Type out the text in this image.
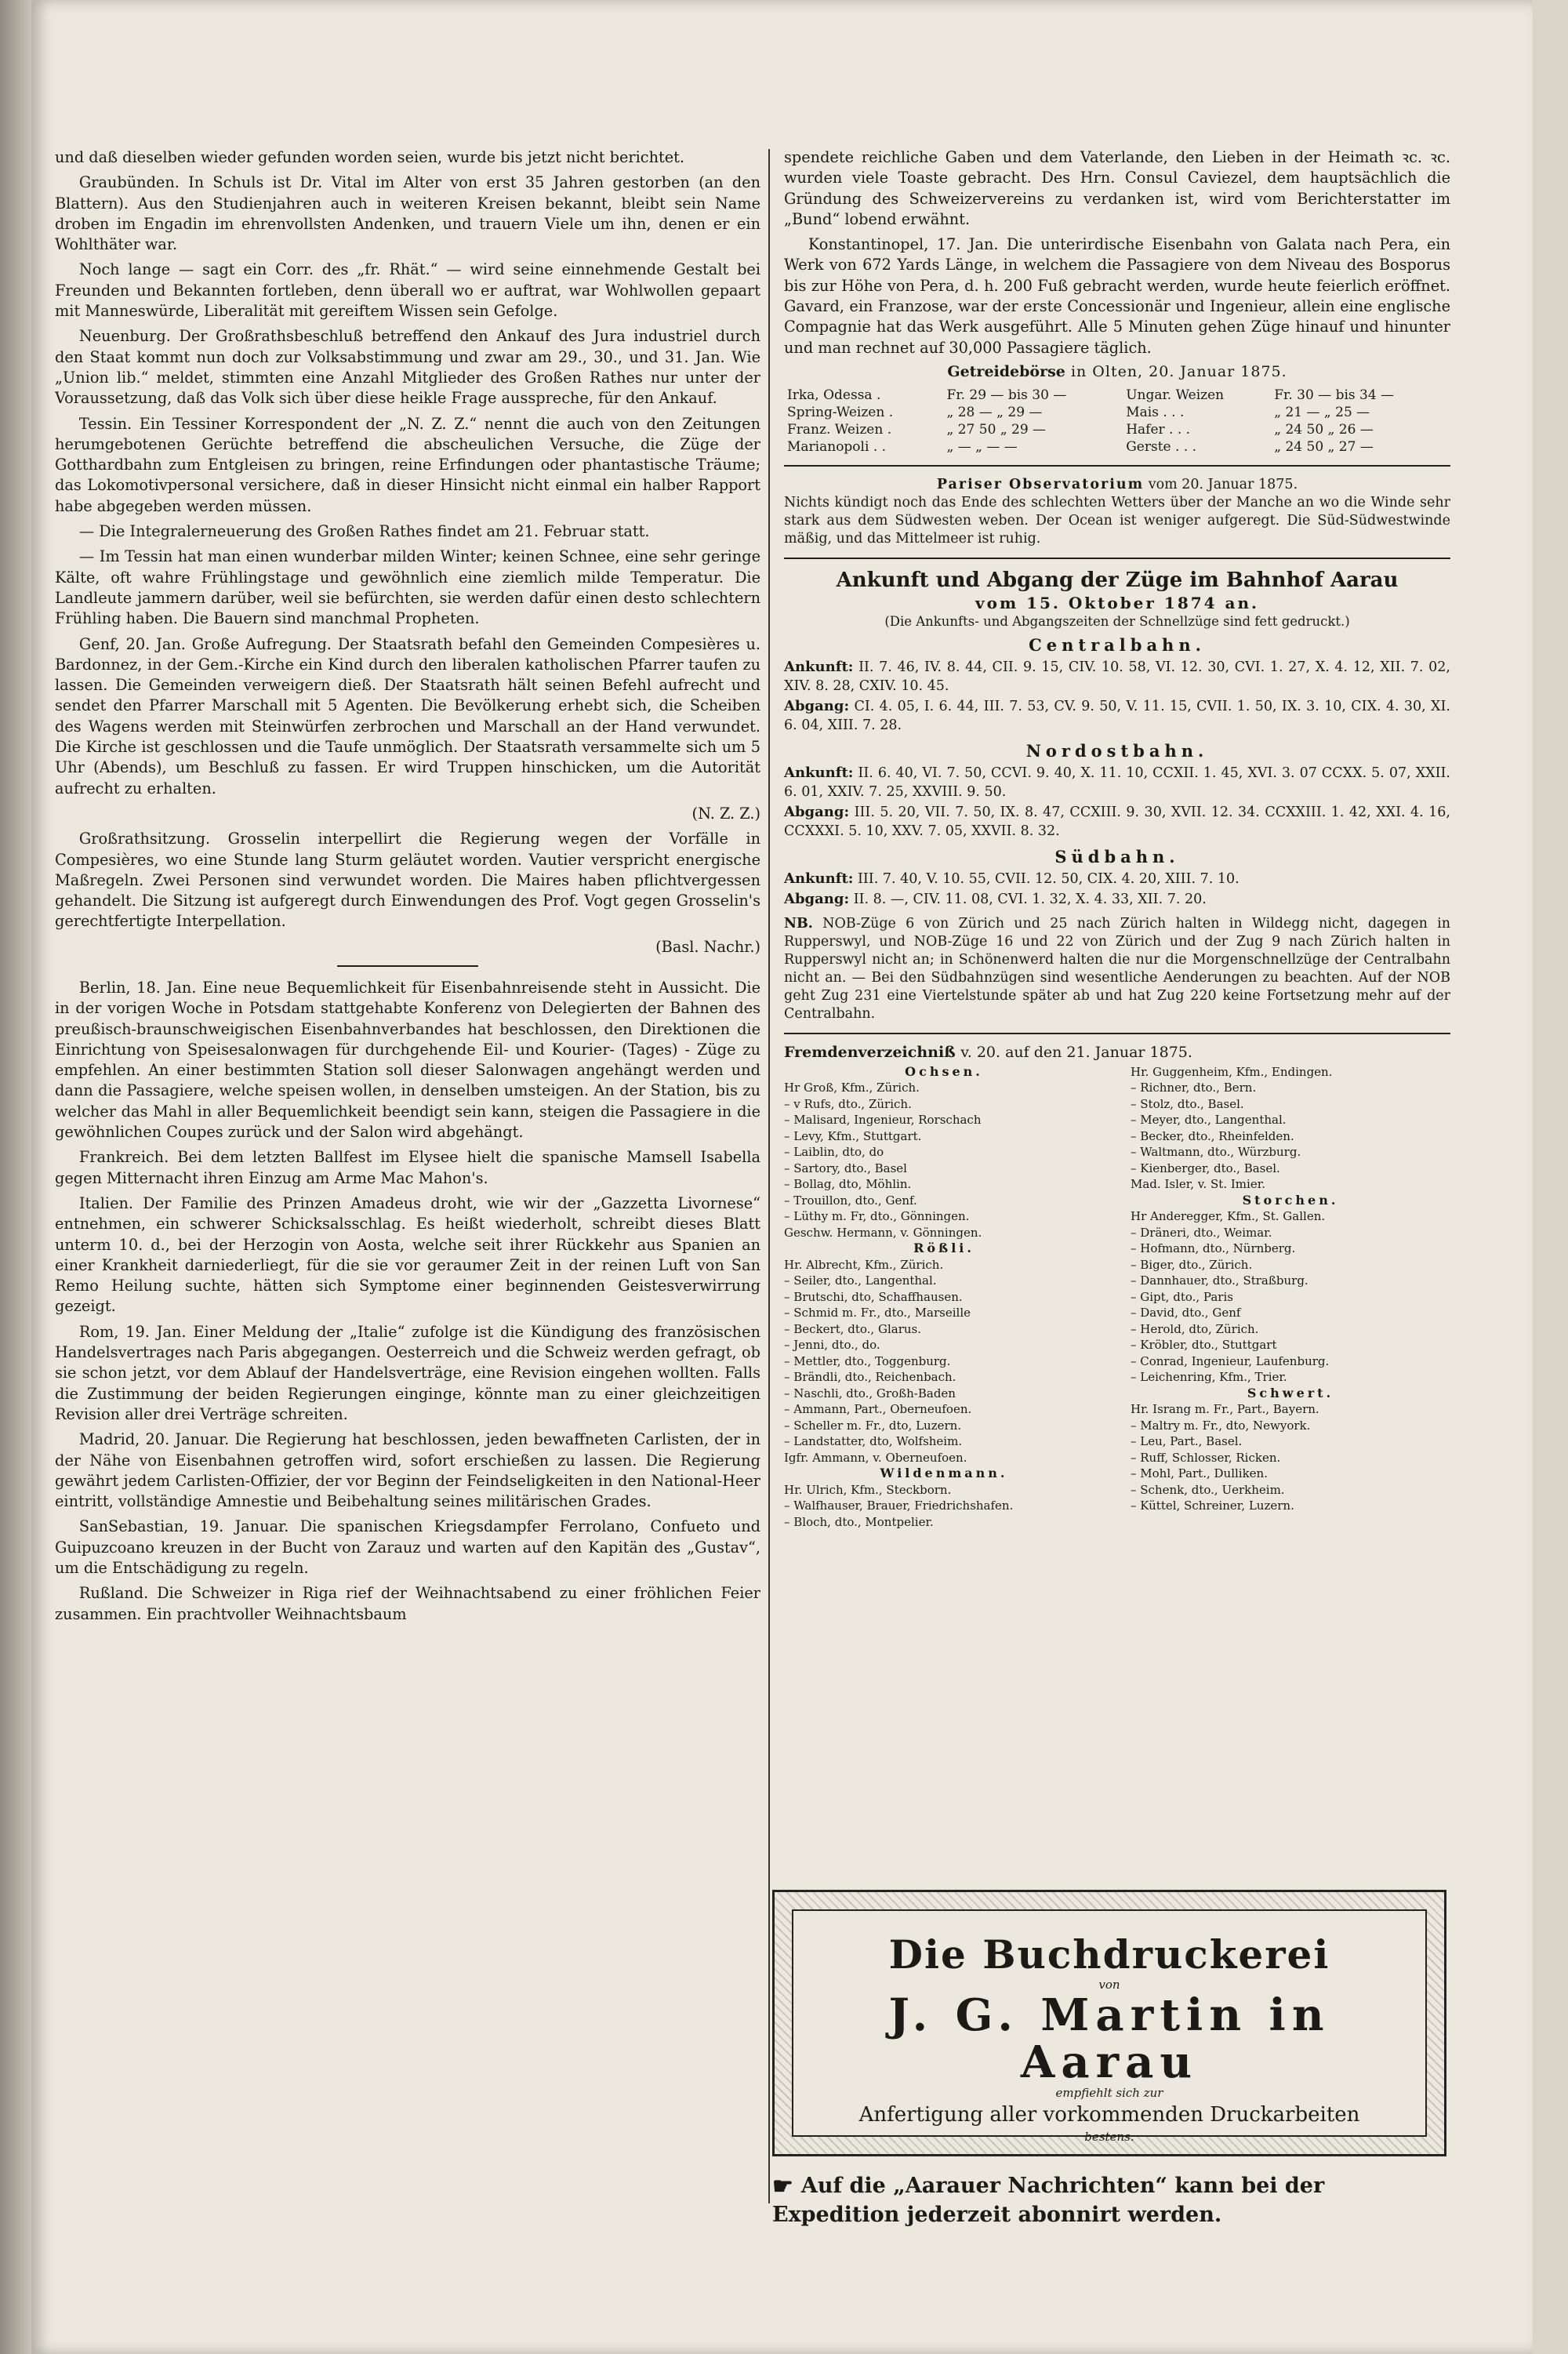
und daß dieselben wieder gefunden worden seien, wurde bis jetzt nicht berichtet.

Graubünden. In Schuls ist Dr. Vital im Alter von erst 35 Jahren gestorben (an den Blattern). Aus den Studienjahren auch in weiteren Kreisen bekannt, bleibt sein Name droben im Engadin im ehrenvollsten Andenken, und trauern Viele um ihn, denen er ein Wohlthäter war.

Noch lange — sagt ein Corr. des „fr. Rhät.“ — wird seine einnehmende Gestalt bei Freunden und Bekannten fortleben, denn überall wo er auftrat, war Wohlwollen gepaart mit Manneswürde, Liberalität mit gereiftem Wissen sein Gefolge.

Neuenburg. Der Großrathsbeschluß betreffend den Ankauf des Jura industriel durch den Staat kommt nun doch zur Volksabstimmung und zwar am 29., 30., und 31. Jan. Wie „Union lib.“ meldet, stimmten eine Anzahl Mitglieder des Großen Rathes nur unter der Voraussetzung, daß das Volk sich über diese heikle Frage ausspreche, für den Ankauf.

Tessin. Ein Tessiner Korrespondent der „N. Z. Z.“ nennt die auch von den Zeitungen herumgebotenen Gerüchte betreffend die abscheulichen Versuche, die Züge der Gotthardbahn zum Entgleisen zu bringen, reine Erfindungen oder phantastische Träume; das Lokomotivpersonal versichere, daß in dieser Hinsicht nicht einmal ein halber Rapport habe abgegeben werden müssen.

— Die Integralerneuerung des Großen Rathes findet am 21. Februar statt.

— Im Tessin hat man einen wunderbar milden Winter; keinen Schnee, eine sehr geringe Kälte, oft wahre Frühlingstage und gewöhnlich eine ziemlich milde Temperatur. Die Landleute jammern darüber, weil sie befürchten, sie werden dafür einen desto schlechtern Frühling haben. Die Bauern sind manchmal Propheten.

Genf, 20. Jan. Große Aufregung. Der Staatsrath befahl den Gemeinden Compesières u. Bardonnez, in der Gem.-Kirche ein Kind durch den liberalen katholischen Pfarrer taufen zu lassen. Die Gemeinden verweigern dieß. Der Staatsrath hält seinen Befehl aufrecht und sendet den Pfarrer Marschall mit 5 Agenten. Die Bevölkerung erhebt sich, die Scheiben des Wagens werden mit Steinwürfen zerbrochen und Marschall an der Hand verwundet. Die Kirche ist geschlossen und die Taufe unmöglich. Der Staatsrath versammelte sich um 5 Uhr (Abends), um Beschluß zu fassen. Er wird Truppen hinschicken, um die Autorität aufrecht zu erhalten.

(N. Z. Z.)

Großrathsitzung. Grosselin interpellirt die Regierung wegen der Vorfälle in Compesières, wo eine Stunde lang Sturm geläutet worden. Vautier verspricht energische Maßregeln. Zwei Personen sind verwundet worden. Die Maires haben pflichtvergessen gehandelt. Die Sitzung ist aufgeregt durch Einwendungen des Prof. Vogt gegen Grosselin's gerechtfertigte Interpellation.

(Basl. Nachr.)

Berlin, 18. Jan. Eine neue Bequemlichkeit für Eisenbahnreisende steht in Aussicht. Die in der vorigen Woche in Potsdam stattgehabte Konferenz von Delegierten der Bahnen des preußisch-braunschweigischen Eisenbahnverbandes hat beschlossen, den Direktionen die Einrichtung von Speisesalonwagen für durchgehende Eil- und Kourier- (Tages) - Züge zu empfehlen. An einer bestimmten Station soll dieser Salonwagen angehängt werden und dann die Passagiere, welche speisen wollen, in denselben umsteigen. An der Station, bis zu welcher das Mahl in aller Bequemlichkeit beendigt sein kann, steigen die Passagiere in die gewöhnlichen Coupes zurück und der Salon wird abgehängt.

Frankreich. Bei dem letzten Ballfest im Elysee hielt die spanische Mamsell Isabella gegen Mitternacht ihren Einzug am Arme Mac Mahon's.

Italien. Der Familie des Prinzen Amadeus droht, wie wir der „Gazzetta Livornese“ entnehmen, ein schwerer Schicksalsschlag. Es heißt wiederholt, schreibt dieses Blatt unterm 10. d., bei der Herzogin von Aosta, welche seit ihrer Rückkehr aus Spanien an einer Krankheit darniederliegt, für die sie vor geraumer Zeit in der reinen Luft von San Remo Heilung suchte, hätten sich Symptome einer beginnenden Geistesverwirrung gezeigt.

Rom, 19. Jan. Einer Meldung der „Italie“ zufolge ist die Kündigung des französischen Handelsvertrages nach Paris abgegangen. Oesterreich und die Schweiz werden gefragt, ob sie schon jetzt, vor dem Ablauf der Handelsverträge, eine Revision eingehen wollten. Falls die Zustimmung der beiden Regierungen einginge, könnte man zu einer gleichzeitigen Revision aller drei Verträge schreiten.

Madrid, 20. Januar. Die Regierung hat beschlossen, jeden bewaffneten Carlisten, der in der Nähe von Eisenbahnen getroffen wird, sofort erschießen zu lassen. Die Regierung gewährt jedem Carlisten-Offizier, der vor Beginn der Feindseligkeiten in den National-Heer eintritt, vollständige Amnestie und Beibehaltung seines militärischen Grades.

SanSebastian, 19. Januar. Die spanischen Kriegsdampfer Ferrolano, Confueto und Guipuzcoano kreuzen in der Bucht von Zarauz und warten auf den Kapitän des „Gustav“, um die Entschädigung zu regeln.

Rußland. Die Schweizer in Riga rief der Weihnachtsabend zu einer fröhlichen Feier zusammen. Ein prachtvoller Weihnachtsbaum

spendete reichliche Gaben und dem Vaterlande, den Lieben in der Heimath ꝛc. ꝛc. wurden viele Toaste gebracht. Des Hrn. Consul Caviezel, dem hauptsächlich die Gründung des Schweizervereins zu verdanken ist, wird vom Berichterstatter im „Bund“ lobend erwähnt.

Konstantinopel, 17. Jan. Die unterirdische Eisenbahn von Galata nach Pera, ein Werk von 672 Yards Länge, in welchem die Passagiere von dem Niveau des Bosporus bis zur Höhe von Pera, d. h. 200 Fuß gebracht werden, wurde heute feierlich eröffnet. Gavard, ein Franzose, war der erste Concessionär und Ingenieur, allein eine englische Compagnie hat das Werk ausgeführt. Alle 5 Minuten gehen Züge hinauf und hinunter und man rechnet auf 30,000 Passagiere täglich.

Getreidebörse in Olten, 20. Januar 1875.
Irka, Odessa .	Fr. 29 — bis 30 —	Ungar. Weizen	Fr. 30 — bis 34 —
Spring-Weizen .	„ 28 — „ 29 —	Mais . . .	„ 21 — „ 25 —
Franz. Weizen .	„ 27 50 „ 29 —	Hafer . . .	„ 24 50 „ 26 —
Marianopoli . .	„ — „ — —	Gerste . . .	„ 24 50 „ 27 —
Pariser Observatorium vom 20. Januar 1875.
Nichts kündigt noch das Ende des schlechten Wetters über der Manche an wo die Winde sehr stark aus dem Südwesten weben. Der Ocean ist weniger aufgeregt. Die Süd-Südwestwinde mäßig, und das Mittelmeer ist ruhig.
Ankunft und Abgang der Züge im Bahnhof Aarau
vom 15. Oktober 1874 an.
(Die Ankunfts- und Abgangszeiten der Schnellzüge sind fett gedruckt.)
Centralbahn.
Ankunft: II. 7. 46, IV. 8. 44, CII. 9. 15, CIV. 10. 58, VI. 12. 30, CVI. 1. 27, X. 4. 12, XII. 7. 02, XIV. 8. 28, CXIV. 10. 45.
Abgang: CI. 4. 05, I. 6. 44, III. 7. 53, CV. 9. 50, V. 11. 15, CVII. 1. 50, IX. 3. 10, CIX. 4. 30, XI. 6. 04, XIII. 7. 28.
Nordostbahn.
Ankunft: II. 6. 40, VI. 7. 50, CCVI. 9. 40, X. 11. 10, CCXII. 1. 45, XVI. 3. 07 CCXX. 5. 07, XXII. 6. 01, XXIV. 7. 25, XXVIII. 9. 50.
Abgang: III. 5. 20, VII. 7. 50, IX. 8. 47, CCXIII. 9. 30, XVII. 12. 34. CCXXIII. 1. 42, XXI. 4. 16, CCXXXI. 5. 10, XXV. 7. 05, XXVII. 8. 32.
Südbahn.
Ankunft: III. 7. 40, V. 10. 55, CVII. 12. 50, CIX. 4. 20, XIII. 7. 10.
Abgang: II. 8. —, CIV. 11. 08, CVI. 1. 32, X. 4. 33, XII. 7. 20.
NB. NOB-Züge 6 von Zürich und 25 nach Zürich halten in Wildegg nicht, dagegen in Rupperswyl, und NOB-Züge 16 und 22 von Zürich und der Zug 9 nach Zürich halten in Rupperswyl nicht an; in Schönenwerd halten die nur die Morgenschnellzüge der Centralbahn nicht an. — Bei den Südbahnzügen sind wesentliche Aenderungen zu beachten. Auf der NOB geht Zug 231 eine Viertelstunde später ab und hat Zug 220 keine Fortsetzung mehr auf der Centralbahn.
Fremdenverzeichniß v. 20. auf den 21. Januar 1875.
Ochsen.
Hr Groß, Kfm., Zürich.
– v Rufs, dto., Zürich.
– Malisard, Ingenieur, Rorschach
– Levy, Kfm., Stuttgart.
– Laiblin, dto, do
– Sartory, dto., Basel
– Bollag, dto, Möhlin.
– Trouillon, dto., Genf.
– Lüthy m. Fr, dto., Gönningen.
Geschw. Hermann, v. Gönningen.
Rößli.
Hr. Albrecht, Kfm., Zürich.
– Seiler, dto., Langenthal.
– Brutschi, dto, Schaffhausen.
– Schmid m. Fr., dto., Marseille
– Beckert, dto., Glarus.
– Jenni, dto., do.
– Mettler, dto., Toggenburg.
– Brändli, dto., Reichenbach.
– Naschli, dto., Großh-Baden
– Ammann, Part., Oberneufoen.
– Scheller m. Fr., dto, Luzern.
– Landstatter, dto, Wolfsheim.
Igfr. Ammann, v. Oberneufoen.
Wildenmann.
Hr. Ulrich, Kfm., Steckborn.
– Walfhauser, Brauer, Friedrichshafen.
– Bloch, dto., Montpelier.
Hr. Guggenheim, Kfm., Endingen.
– Richner, dto., Bern.
– Stolz, dto., Basel.
– Meyer, dto., Langenthal.
– Becker, dto., Rheinfelden.
– Waltmann, dto., Würzburg.
– Kienberger, dto., Basel.
Mad. Isler, v. St. Imier.
Storchen.
Hr Anderegger, Kfm., St. Gallen.
– Dräneri, dto., Weimar.
– Hofmann, dto., Nürnberg.
– Biger, dto., Zürich.
– Dannhauer, dto., Straßburg.
– Gipt, dto., Paris
– David, dto., Genf
– Herold, dto, Zürich.
– Kröbler, dto., Stuttgart
– Conrad, Ingenieur, Laufenburg.
– Leichenring, Kfm., Trier.
Schwert.
Hr. Israng m. Fr., Part., Bayern.
– Maltry m. Fr., dto, Newyork.
– Leu, Part., Basel.
– Ruff, Schlosser, Ricken.
– Mohl, Part., Dulliken.
– Schenk, dto., Uerkheim.
– Küttel, Schreiner, Luzern.
Die Buchdruckerei
von
J. G. Martin in Aarau
empfiehlt sich zur
Anfertigung aller vorkommenden Druckarbeiten
bestens.
☛ Auf die „Aarauer Nachrichten“ kann bei der Expedition jederzeit abonnirt werden.
